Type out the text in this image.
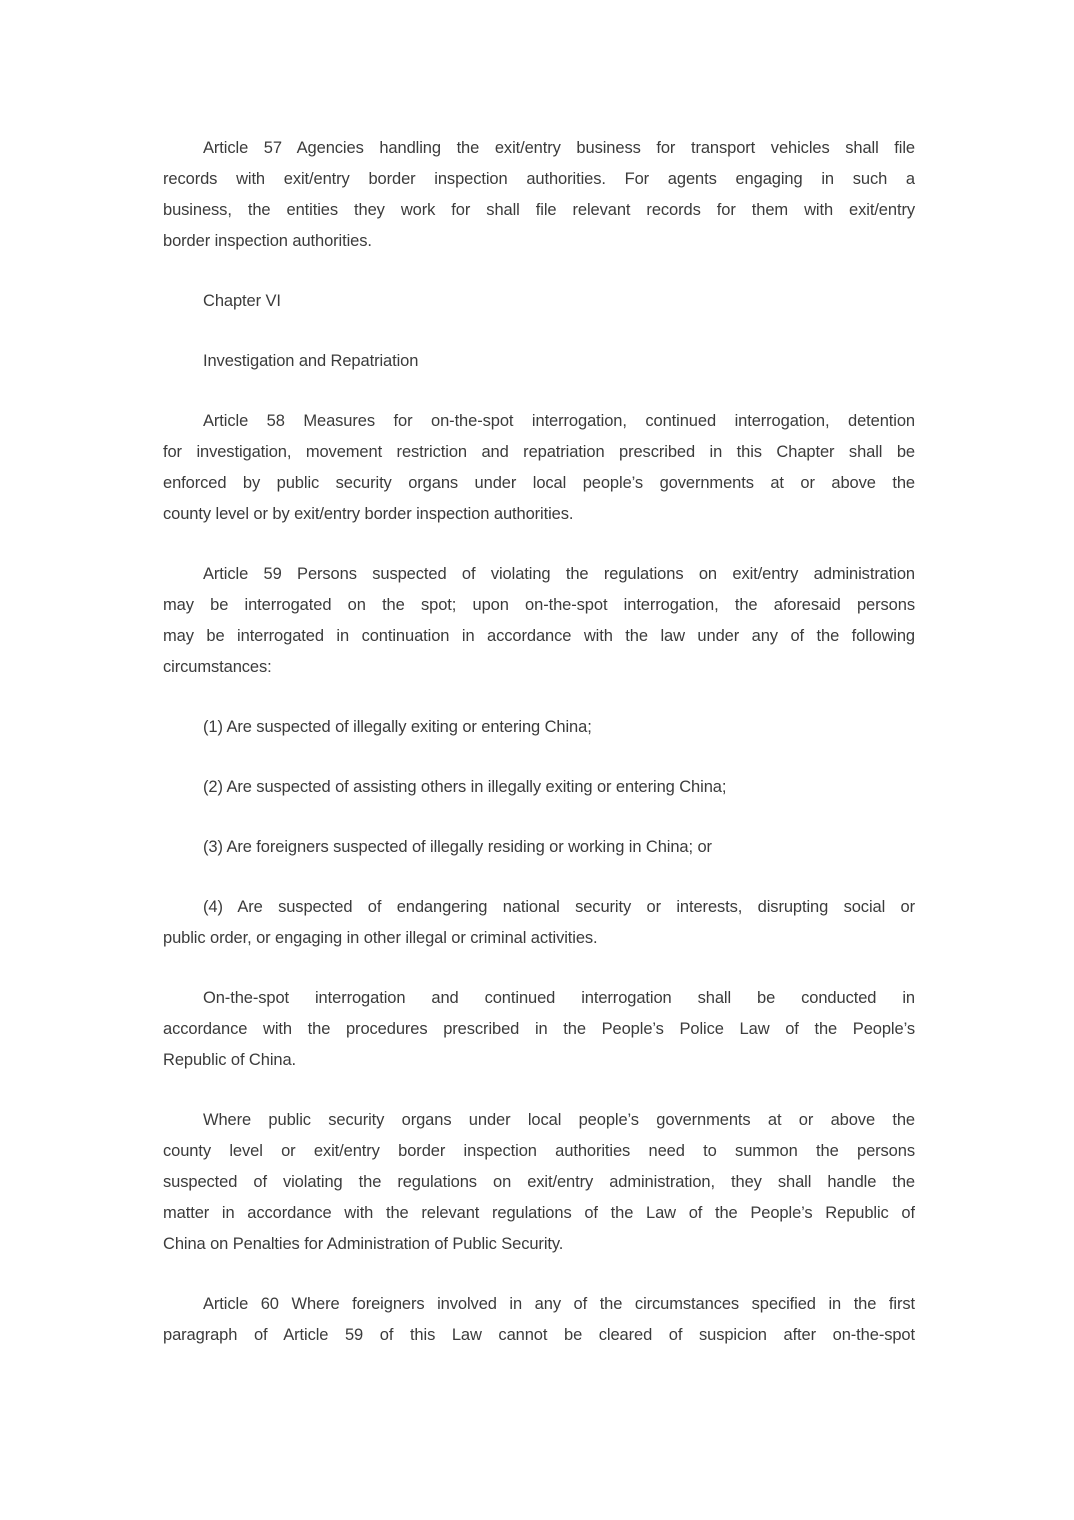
Article 57 Agencies handling the exit/entry business for transport vehicles shall file
records with exit/entry border inspection authorities. For agents engaging in such a
business, the entities they work for shall file relevant records for them with exit/entry
border inspection authorities.
Chapter VI
Investigation and Repatriation
Article 58 Measures for on-the-spot interrogation, continued interrogation, detention
for investigation, movement restriction and repatriation prescribed in this Chapter shall be
enforced by public security organs under local people’s governments at or above the
county level or by exit/entry border inspection authorities.
Article 59 Persons suspected of violating the regulations on exit/entry administration
may be interrogated on the spot; upon on-the-spot interrogation, the aforesaid persons
may be interrogated in continuation in accordance with the law under any of the following
circumstances:
(1) Are suspected of illegally exiting or entering China;
(2) Are suspected of assisting others in illegally exiting or entering China;
(3) Are foreigners suspected of illegally residing or working in China; or
(4) Are suspected of endangering national security or interests, disrupting social or
public order, or engaging in other illegal or criminal activities.
On-the-spot interrogation and continued interrogation shall be conducted in
accordance with the procedures prescribed in the People’s Police Law of the People’s
Republic of China.
Where public security organs under local people’s governments at or above the
county level or exit/entry border inspection authorities need to summon the persons
suspected of violating the regulations on exit/entry administration, they shall handle the
matter in accordance with the relevant regulations of the Law of the People’s Republic of
China on Penalties for Administration of Public Security.
Article 60 Where foreigners involved in any of the circumstances specified in the first
paragraph of Article 59 of this Law cannot be cleared of suspicion after on-the-spot
